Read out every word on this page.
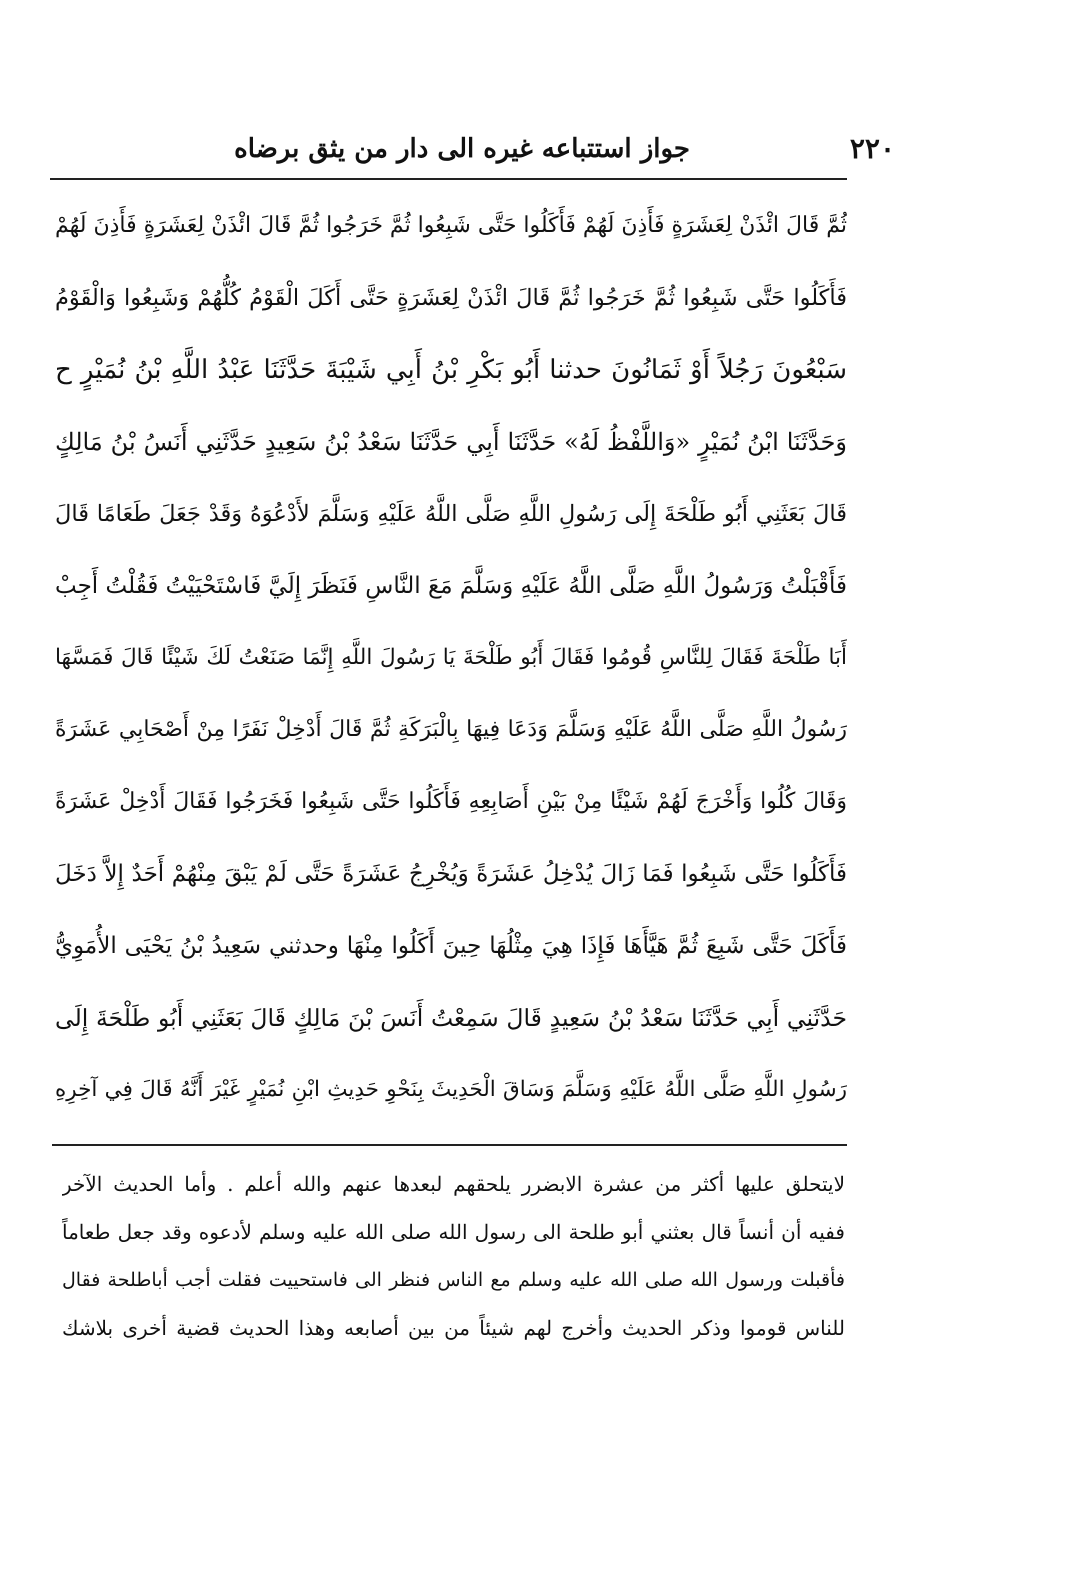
٢٢٠
جواز استتباعه غيره الى دار من يثق برضاه
ثُمَّ قَالَ ائْذَنْ لِعَشَرَةٍ فَأَذِنَ لَهُمْ فَأَكَلُوا حَتَّى شَبِعُوا ثُمَّ خَرَجُوا ثُمَّ قَالَ ائْذَنْ لِعَشَرَةٍ فَأَذِنَ لَهُمْ
فَأَكَلُوا حَتَّى شَبِعُوا ثُمَّ خَرَجُوا ثُمَّ قَالَ ائْذَنْ لِعَشَرَةٍ حَتَّى أَكَلَ الْقَوْمُ كُلُّهُمْ وَشَبِعُوا وَالْقَوْمُ
سَبْعُونَ رَجُلاً أَوْ ثَمَانُونَ حدثنا أَبُو بَكْرِ بْنُ أَبِي شَيْبَةَ حَدَّثَنَا عَبْدُ اللَّهِ بْنُ نُمَيْرٍ ح
وَحَدَّثَنَا ابْنُ نُمَيْرٍ «وَاللَّفْظُ لَهُ» حَدَّثَنَا أَبِي حَدَّثَنَا سَعْدُ بْنُ سَعِيدٍ حَدَّثَنِي أَنَسُ بْنُ مَالِكٍ
قَالَ بَعَثَنِي أَبُو طَلْحَةَ إِلَى رَسُولِ اللَّهِ صَلَّى اللَّهُ عَلَيْهِ وَسَلَّمَ لأَدْعُوَهُ وَقَدْ جَعَلَ طَعَامًا قَالَ
فَأَقْبَلْتُ وَرَسُولُ اللَّهِ صَلَّى اللَّهُ عَلَيْهِ وَسَلَّمَ مَعَ النَّاسِ فَنَظَرَ إِلَيَّ فَاسْتَحْيَيْتُ فَقُلْتُ أَجِبْ
أَبَا طَلْحَةَ فَقَالَ لِلنَّاسِ قُومُوا فَقَالَ أَبُو طَلْحَةَ يَا رَسُولَ اللَّهِ إِنَّمَا صَنَعْتُ لَكَ شَيْئًا قَالَ فَمَسَّهَا
رَسُولُ اللَّهِ صَلَّى اللَّهُ عَلَيْهِ وَسَلَّمَ وَدَعَا فِيهَا بِالْبَرَكَةِ ثُمَّ قَالَ أَدْخِلْ نَفَرًا مِنْ أَصْحَابِي عَشَرَةً
وَقَالَ كُلُوا وَأَخْرَجَ لَهُمْ شَيْئًا مِنْ بَيْنِ أَصَابِعِهِ فَأَكَلُوا حَتَّى شَبِعُوا فَخَرَجُوا فَقَالَ أَدْخِلْ عَشَرَةً
فَأَكَلُوا حَتَّى شَبِعُوا فَمَا زَالَ يُدْخِلُ عَشَرَةً وَيُخْرِجُ عَشَرَةً حَتَّى لَمْ يَبْقَ مِنْهُمْ أَحَدٌ إِلاَّ دَخَلَ
فَأَكَلَ حَتَّى شَبِعَ ثُمَّ هَيَّأَهَا فَإِذَا هِيَ مِثْلُهَا حِينَ أَكَلُوا مِنْهَا وحدثني سَعِيدُ بْنُ يَحْيَى الأُمَوِيُّ
حَدَّثَنِي أَبِي حَدَّثَنَا سَعْدُ بْنُ سَعِيدٍ قَالَ سَمِعْتُ أَنَسَ بْنَ مَالِكٍ قَالَ بَعَثَنِي أَبُو طَلْحَةَ إِلَى
رَسُولِ اللَّهِ صَلَّى اللَّهُ عَلَيْهِ وَسَلَّمَ وَسَاقَ الْحَدِيثَ بِنَحْوِ حَدِيثِ ابْنِ نُمَيْرٍ غَيْرَ أَنَّهُ قَالَ فِي آخِرِهِ
لايتحلق عليها أكثر من عشرة الابضرر يلحقهم لبعدها عنهم والله أعلم . وأما الحديث الآخر
ففيه أن أنساً قال بعثني أبو طلحة الى رسول الله صلى الله عليه وسلم لأدعوه وقد جعل طعاماً
فأقبلت ورسول الله صلى الله عليه وسلم مع الناس فنظر الى فاستحييت فقلت أجب أباطلحة فقال
للناس قوموا وذكر الحديث وأخرج لهم شيئاً من بين أصابعه وهذا الحديث قضية أخرى بلاشك
